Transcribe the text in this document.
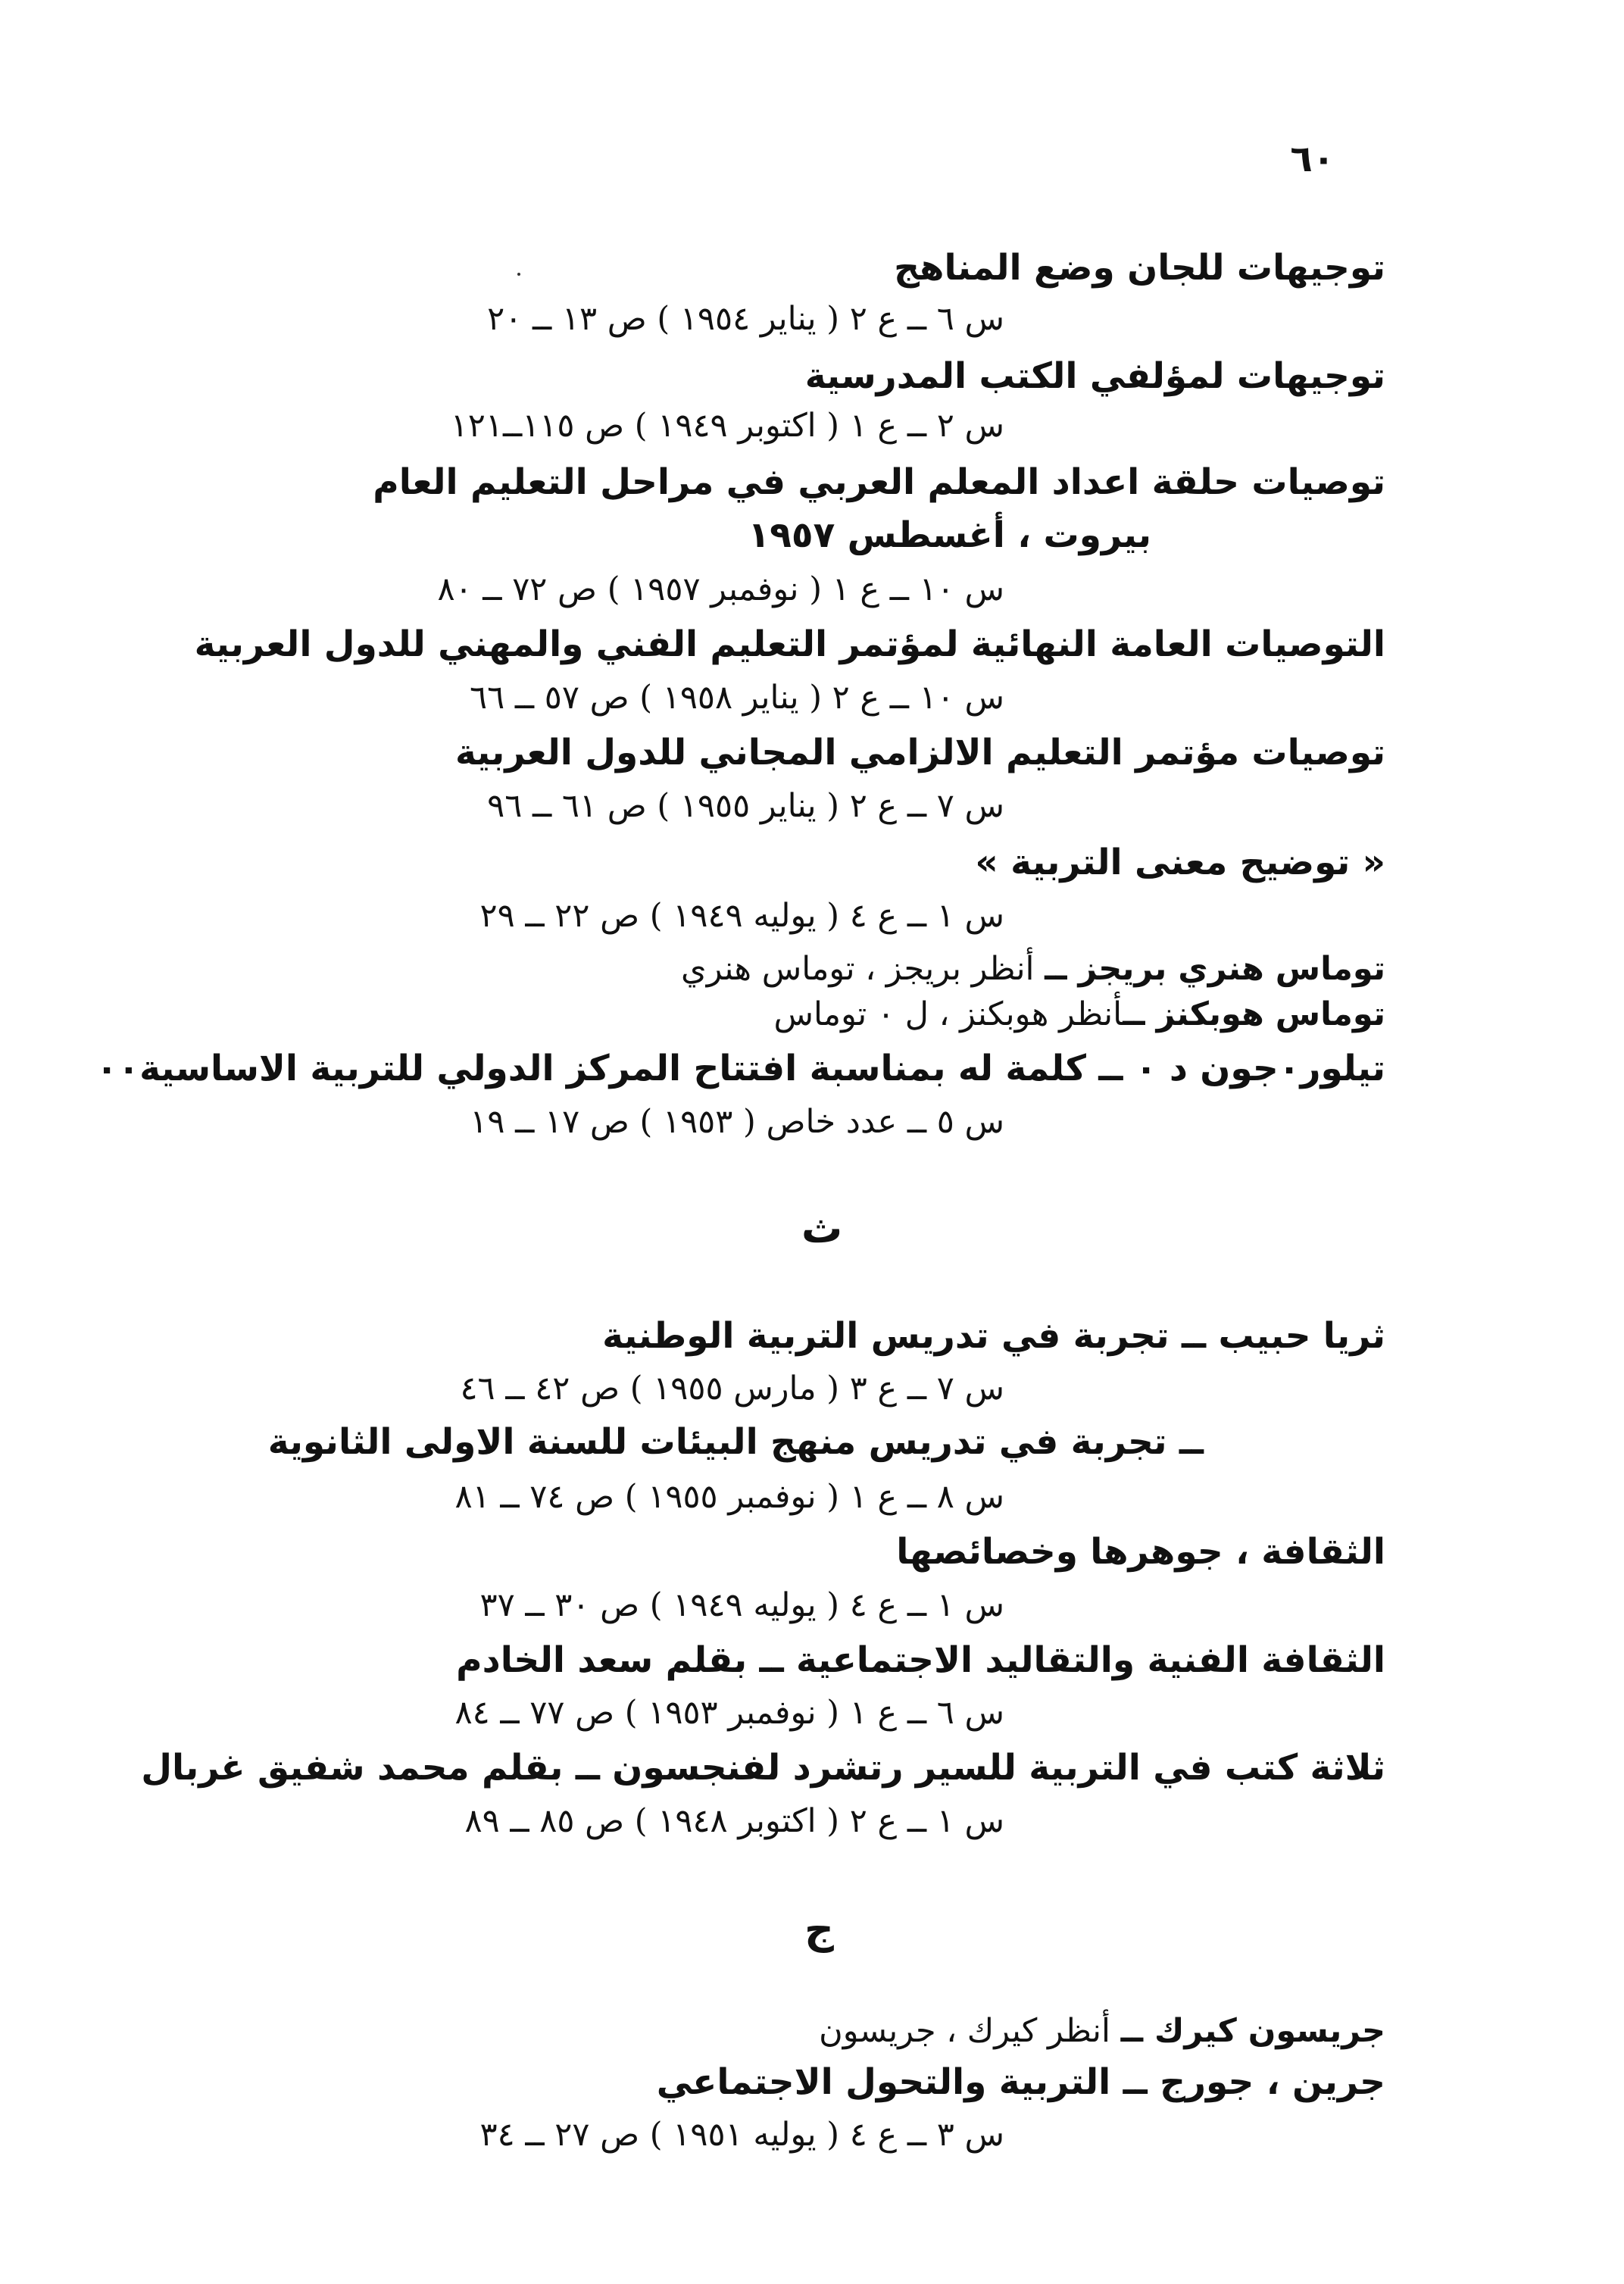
٦٠
توجيهات للجان وضع المناهج
س ٦ ــ ع ٢ ( يناير ١٩٥٤ ) ص ١٣ ــ ٢٠
توجيهات لمؤلفي الكتب المدرسية
س ٢ ــ ع ١ ( اكتوبر ١٩٤٩ ) ص ١١٥ــ١٢١
توصيات حلقة اعداد المعلم العربي في مراحل التعليم العام
بيروت ، أغسطس ١٩٥٧
س ١٠ ــ ع ١ ( نوفمبر ١٩٥٧ ) ص ٧٢ ــ ٨٠
التوصيات العامة النهائية لمؤتمر التعليم الفني والمهني للدول العربية
س ١٠ ــ ع ٢ ( يناير ١٩٥٨ ) ص ٥٧ ــ ٦٦
توصيات مؤتمر التعليم الالزامي المجاني للدول العربية
س ٧ ــ ع ٢ ( يناير ١٩٥٥ ) ص ٦١ ــ ٩٦
« توضيح معنى التربية »
س ١ ــ ع ٤ ( يوليه ١٩٤٩ ) ص ٢٢ ــ ٢٩
توماس هنري بريجز ــ أنظر بريجز ، توماس هنري
توماس هوبكنز ــأنظر هوبكنز ، ل ٠ توماس
تيلور٠جون د ٠ ــ كلمة له بمناسبة افتتاح المركز الدولي للتربية الاساسية٠٠
س ٥ ــ عدد خاص ( ١٩٥٣ ) ص ١٧ ــ ١٩
ث
ثريا حبيب ــ تجربة في تدريس التربية الوطنية
س ٧ ــ ع ٣ ( مارس ١٩٥٥ ) ص ٤٢ ــ ٤٦
ــ تجربة في تدريس منهج البيئات للسنة الاولى الثانوية
س ٨ ــ ع ١ ( نوفمبر ١٩٥٥ ) ص ٧٤ ــ ٨١
الثقافة ، جوهرها وخصائصها
س ١ ــ ع ٤ ( يوليه ١٩٤٩ ) ص ٣٠ ــ ٣٧
الثقافة الفنية والتقاليد الاجتماعية ــ بقلم سعد الخادم
س ٦ ــ ع ١ ( نوفمبر ١٩٥٣ ) ص ٧٧ ــ ٨٤
ثلاثة كتب في التربية للسير رتشرد لفنجسون ــ بقلم محمد شفيق غربال
س ١ ــ ع ٢ ( اكتوبر ١٩٤٨ ) ص ٨٥ ــ ٨٩
ج
جريسون كيرك ــ أنظر كيرك ، جريسون
جرين ، جورج ــ التربية والتحول الاجتماعي
س ٣ ــ ع ٤ ( يوليه ١٩٥١ ) ص ٢٧ ــ ٣٤
